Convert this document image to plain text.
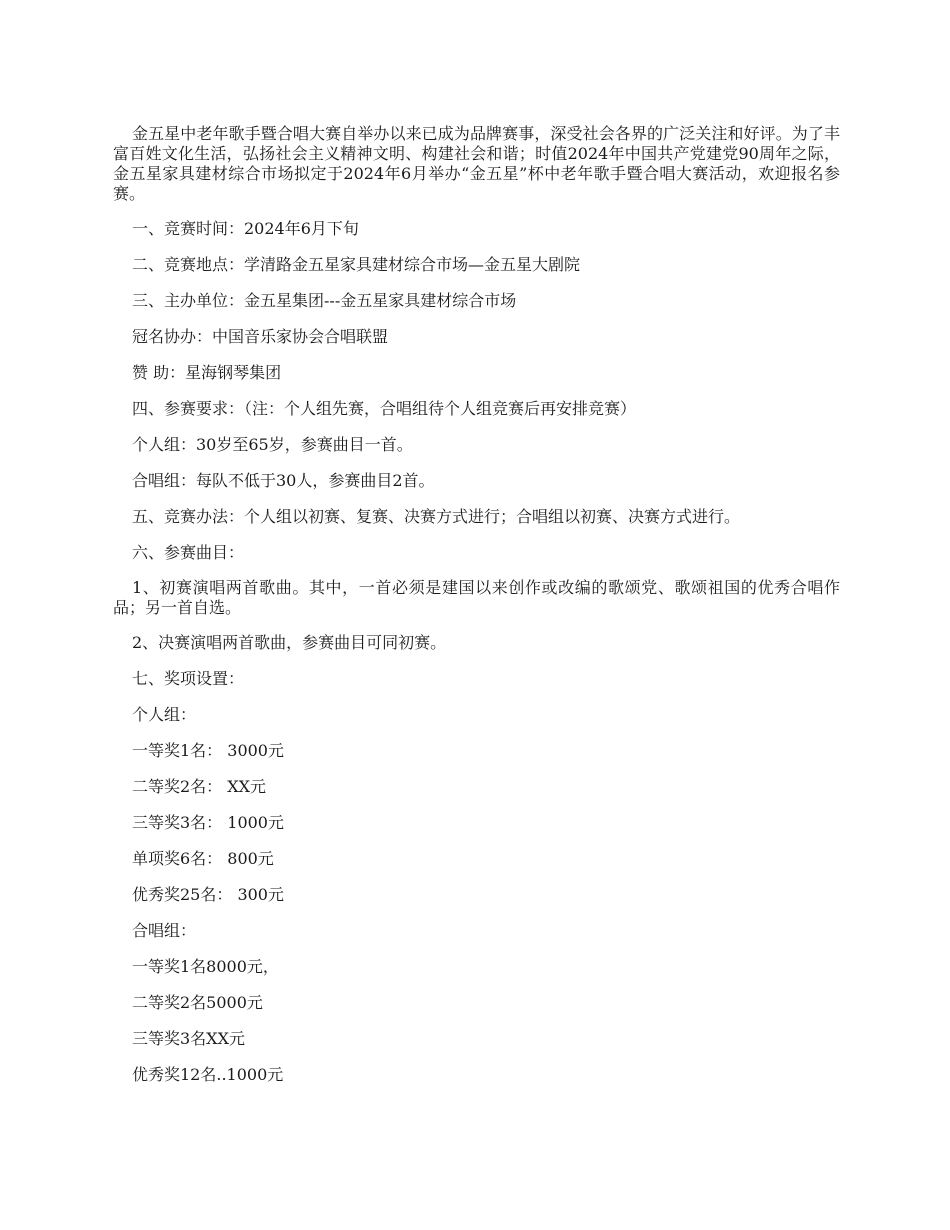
金五星中老年歌手暨合唱大赛自举办以来已成为品牌赛事，深受社会各界的广泛关注和好评。为了丰富百姓文化生活，弘扬社会主义精神文明、构建社会和谐；时值2024年中国共产党建党90周年之际，金五星家具建材综合市场拟定于2024年6月举办“金五星”杯中老年歌手暨合唱大赛活动，欢迎报名参赛。

一、竞赛时间：2024年6月下旬

二、竞赛地点：学清路金五星家具建材综合市场—金五星大剧院

三、主办单位：金五星集团---金五星家具建材综合市场

冠名协办：中国音乐家协会合唱联盟

赞 助：星海钢琴集团

四、参赛要求：（注：个人组先赛，合唱组待个人组竞赛后再安排竞赛）

个人组：30岁至65岁，参赛曲目一首。

合唱组：每队不低于30人，参赛曲目2首。

五、竞赛办法：个人组以初赛、复赛、决赛方式进行；合唱组以初赛、决赛方式进行。

六、参赛曲目：

1、初赛演唱两首歌曲。其中，一首必须是建国以来创作或改编的歌颂党、歌颂祖国的优秀合唱作品；另一首自选。

2、决赛演唱两首歌曲，参赛曲目可同初赛。

七、奖项设置：

个人组：

一等奖1名： 3000元

二等奖2名： XX元

三等奖3名： 1000元

单项奖6名： 800元

优秀奖25名： 300元

合唱组：

一等奖1名8000元，

二等奖2名5000元

三等奖3名XX元

优秀奖12名..1000元
